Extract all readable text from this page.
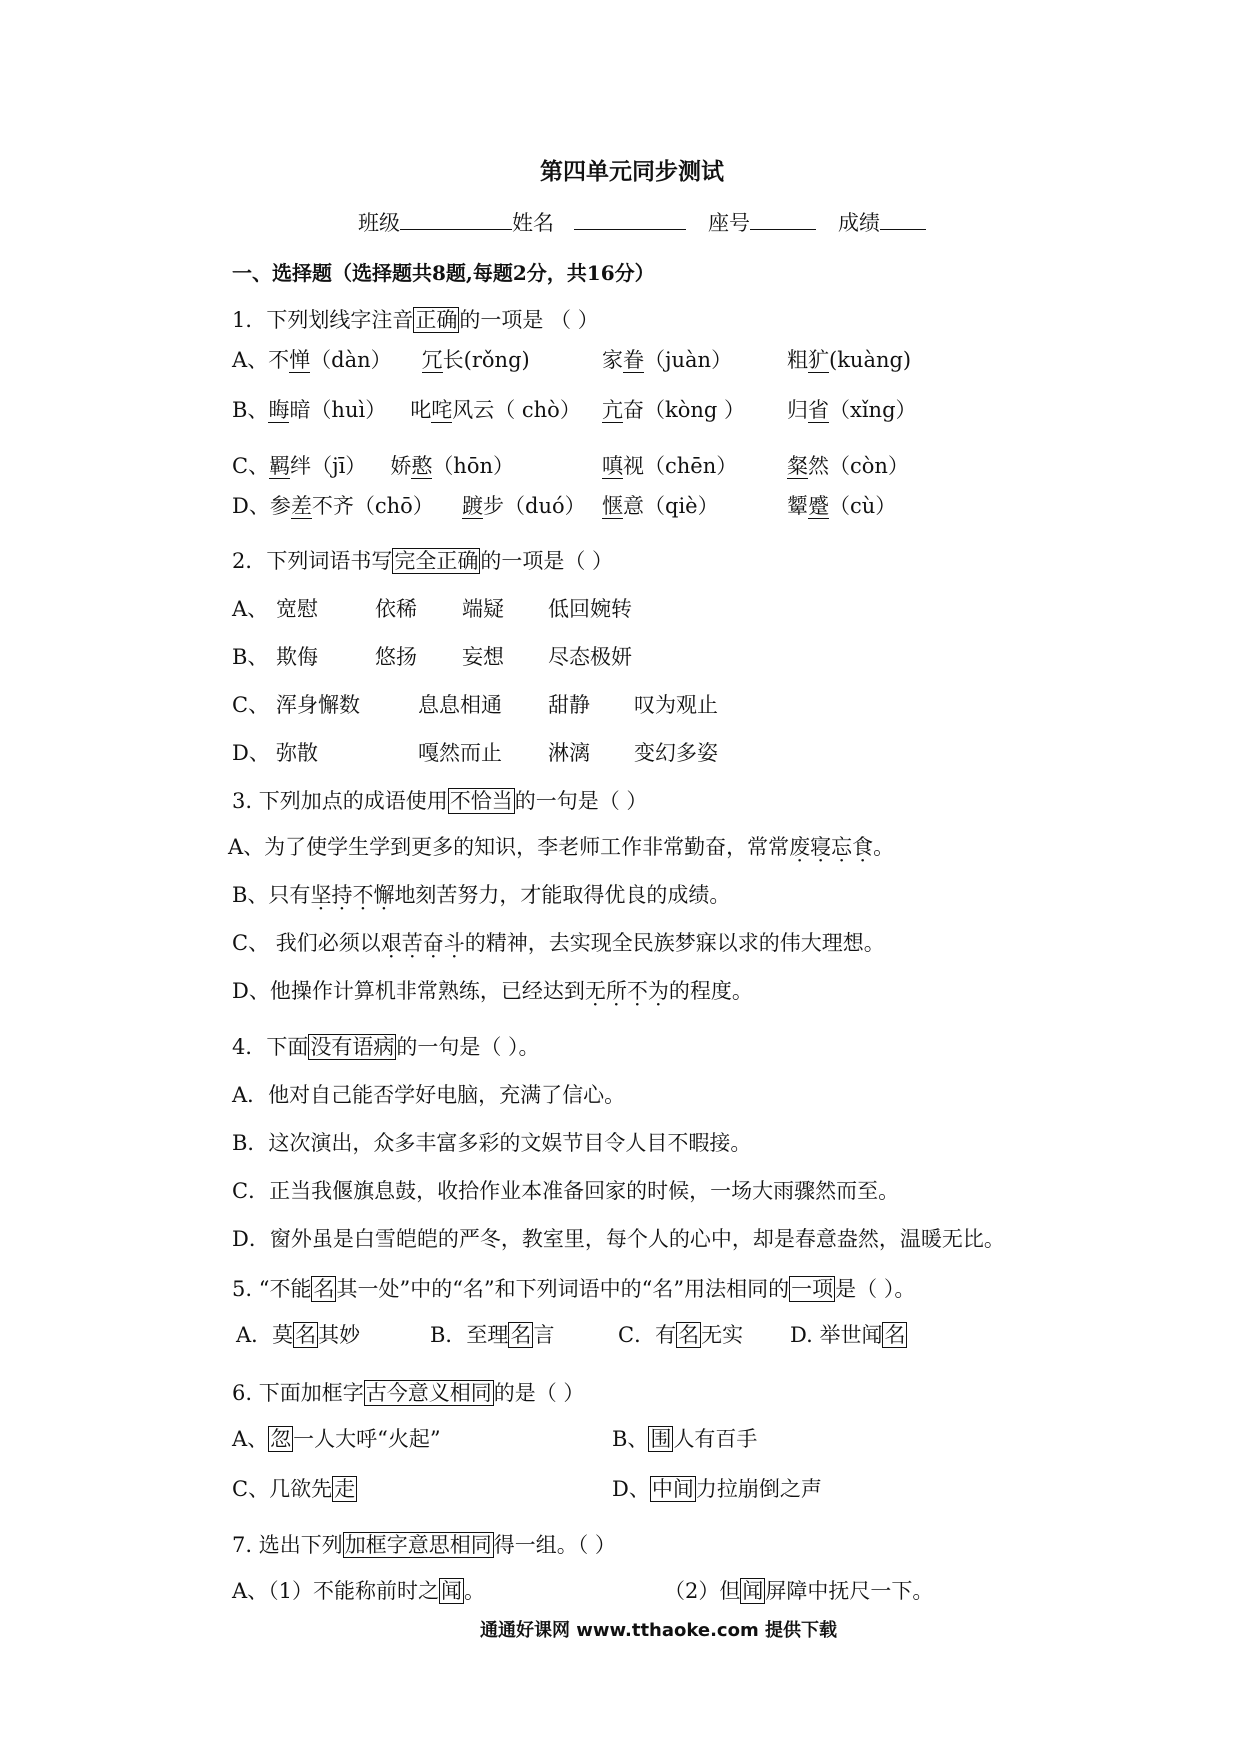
第四单元同步测试
班级	姓名	座号	成绩
一、选择题（选择题共8题,每题2分，共16分）
1．下列划线字注音正确的一项是 （ ）
A、不惮（dàn） 冗长(rǒng)	家眷（juàn）	粗犷(kuàng)
B、晦暗（huì） 叱咤风云（ chò） 亢奋（kòng ） 归省（xǐng）
C、羁绊（jī） 娇憨（hōn）	嗔视（chēn） 粲然（còn）
D、参差不齐（chō） 踱步（duó） 惬意（qiè）	颦蹙（cù）
2．下列词语书写完全正确的一项是（ ）
A、 宽慰	依稀 端疑 低回婉转
B、 欺侮	悠扬 妄想 尽态极妍
C、 浑身懈数	息息相通 甜静 叹为观止
D、 弥散	嘎然而止 淋漓 变幻多姿
3. 下列加点的成语使用不恰当的一句是（ ）
A、为了使学生学到更多的知识，李老师工作非常勤奋，常常废寝忘食。
B、只有坚持不懈地刻苦努力，才能取得优良的成绩。
C、 我们必须以艰苦奋斗的精神，去实现全民族梦寐以求的伟大理想。
D、他操作计算机非常熟练，已经达到无所不为的程度。
4．下面没有语病的一句是（ ）。
A．他对自己能否学好电脑，充满了信心。
B．这次演出，众多丰富多彩的文娱节目令人目不暇接。
C．正当我偃旗息鼓，收拾作业本准备回家的时候，一场大雨骤然而至。
D．窗外虽是白雪皑皑的严冬，教室里，每个人的心中，却是春意盎然，温暖无比。
5. “不能名其一处”中的“名”和下列词语中的“名”用法相同的一项是（ ）。
A．莫名其妙	B．至理名言	C．有名无实 D. 举世闻名
6. 下面加框字古今意义相同的是（ ）
A、忽一人大呼“火起”	B、围人有百手
C、几欲先走	D、中间力拉崩倒之声
7. 选出下列加框字意思相同得一组。（ ）
A、（1）不能称前时之闻。	（2）但闻屏障中抚尺一下。
通通好课网 www.tthaoke.com 提供下载
